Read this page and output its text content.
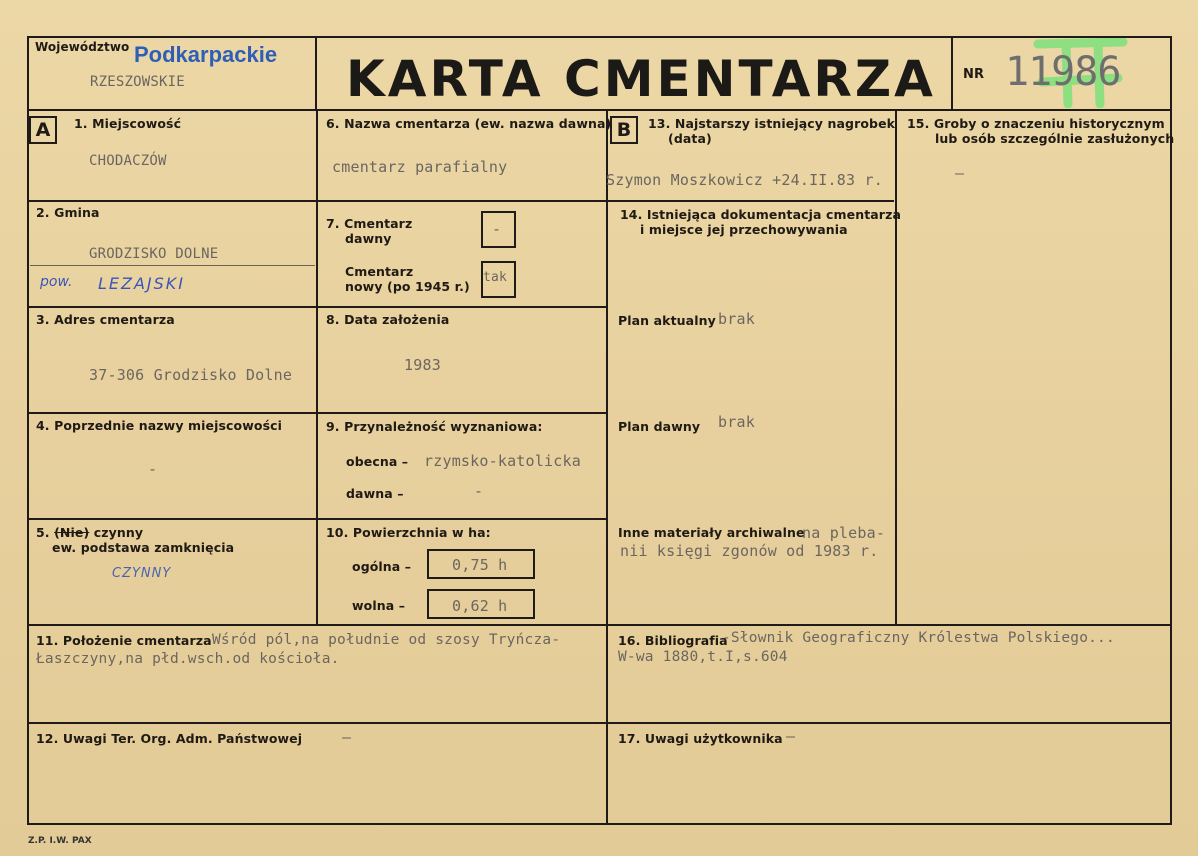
Województwo Podkarpackie
RZESZOWSKIE	KARTA CMENTARZA NR 11986
A	1. Miejscowość
CHODACZÓW
2. Gmina
GRODZISKO DOLNE
pow. LEZAJSKI
3. Adres cmentarza
37-306 Grodzisko Dolne
4. Poprzednie nazwy miejscowości
-
5. (Nie) czynny
ew. podstawa zamknięcia
CZYNNY
6. Nazwa cmentarza (ew. nazwa dawna)
cmentarz parafialny
7. Cmentarz
dawny
-
Cmentarz
nowy (po 1945 r.)
tak
8. Data założenia
1983
9. Przynależność wyznaniowa:
obecna – rzymsko-katolicka
dawna –	-
10. Powierzchnia w ha:
ogólna –	0,75 h
wolna –	0,62 h
B	13. Najstarszy istniejący nagrobek
(data)
Szymon Moszkowicz +24.II.83 r.
14. Istniejąca dokumentacja cmentarza
i miejsce jej przechowywania
Plan aktualny brak
Plan dawny brak
Inne materiały archiwalne
na pleba-
nii księgi zgonów od 1983 r.
15. Groby o znaczeniu historycznym
lub osób szczególnie zasłużonych
—
11. Położenie cmentarza Wśród pól,na południe od szosy Tryńcza-
Łaszczyny,na płd.wsch.od kościoła.
16. Bibliografia
-Słownik Geograficzny Królestwa Polskiego...
W-wa 1880,t.I,s.604
12. Uwagi Ter. Org. Adm. Państwowej	—	17. Uwagi użytkownika —
Z.P. I.W. PAX
